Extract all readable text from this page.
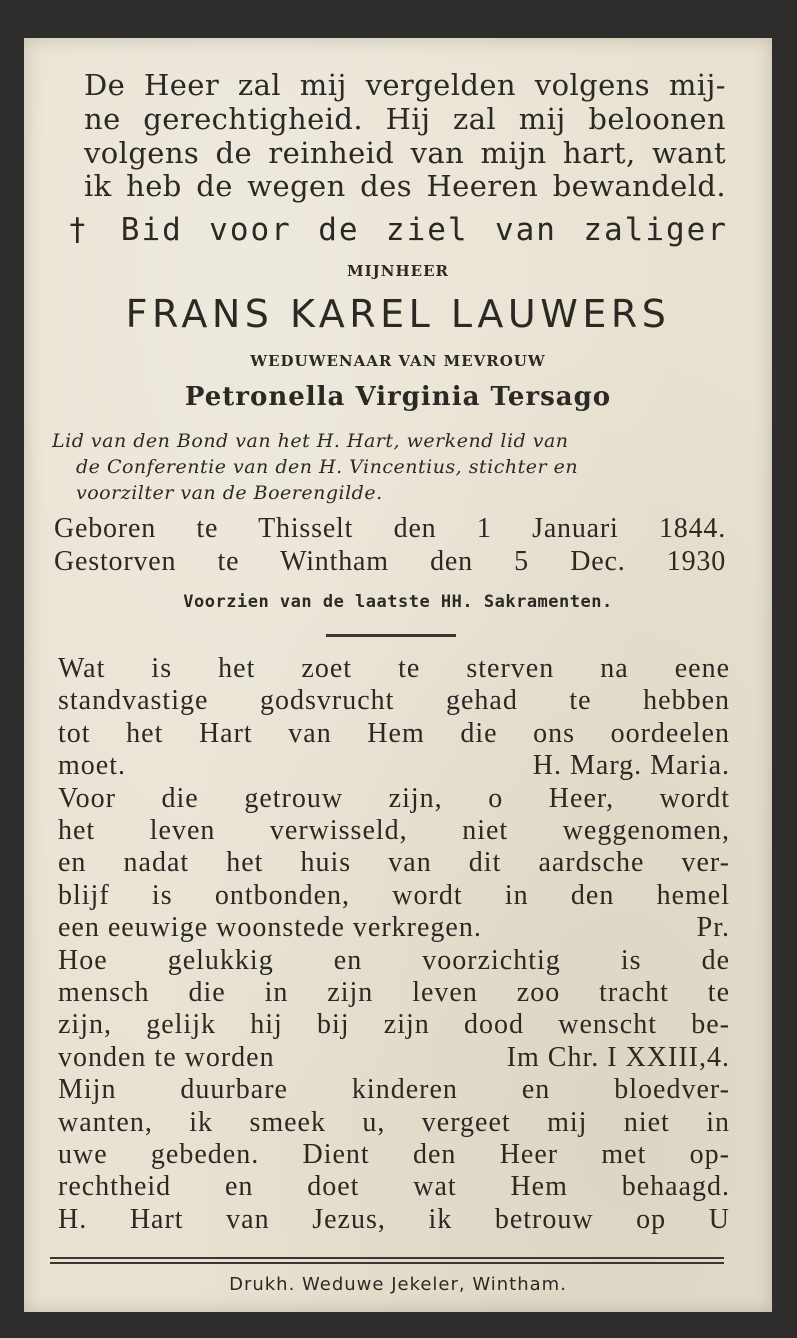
De Heer zal mij vergelden volgens mij-
ne gerechtigheid. Hij zal mij beloonen
volgens de reinheid van mijn hart, want
ik heb de wegen des Heeren bewandeld.
† Bid voor de ziel van zaliger
MIJNHEER
FRANS KAREL LAUWERS
WEDUWENAAR VAN MEVROUW
Petronella Virginia Tersago
Lid van den Bond van het H. Hart, werkend lid van
de Conferentie van den H. Vincentius, stichter en
voorzilter van de Boerengilde.
Geboren te Thisselt den 1 Januari 1844.
Gestorven te Wintham den 5 Dec. 1930
Voorzien van de laatste HH. Sakramenten.
Wat is het zoet te sterven na eene
standvastige godsvrucht gehad te hebben
tot het Hart van Hem die ons oordeelen
moet.	H. Marg. Maria.
Voor die getrouw zijn, o Heer, wordt
het leven verwisseld, niet weggenomen,
en nadat het huis van dit aardsche ver-
blijf is ontbonden, wordt in den hemel
een eeuwige woonstede verkregen.	Pr.
Hoe gelukkig en voorzichtig is de
mensch die in zijn leven zoo tracht te
zijn, gelijk hij bij zijn dood wenscht be-
vonden te worden	Im Chr. I XXIII,4.
Mijn duurbare kinderen en bloedver-
wanten, ik smeek u, vergeet mij niet in
uwe gebeden. Dient den Heer met op-
rechtheid en doet wat Hem behaagd.
H. Hart van Jezus, ik betrouw op U
Drukh. Weduwe Jekeler, Wintham.
